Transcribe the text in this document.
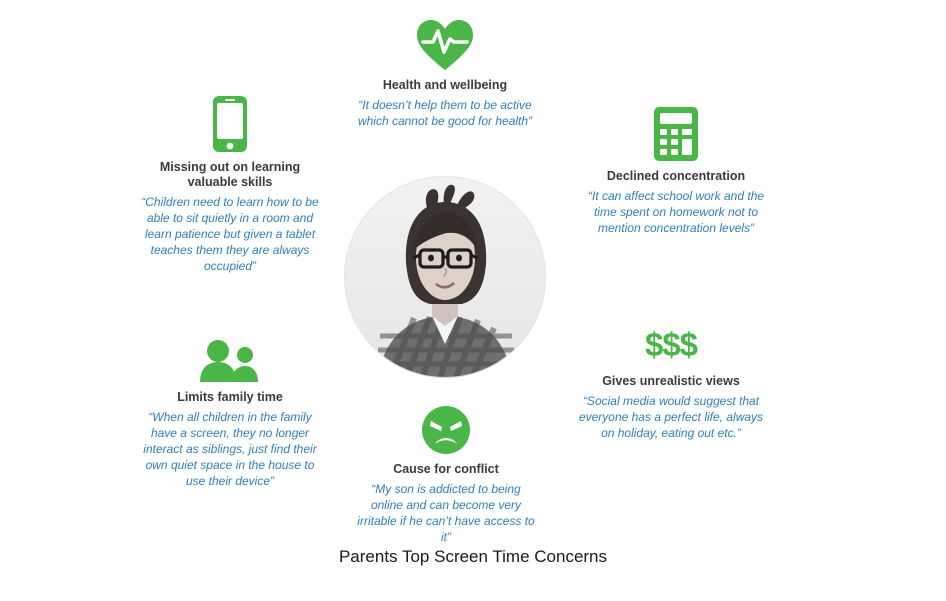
Health and wellbeing
“It doesn’t help them to be active which cannot be good for health”
Missing out on learning valuable skills
“Children need to learn how to be able to sit quietly in a room and learn patience but given a tablet teaches them they are always occupied”
Declined concentration
“It can affect school work and the time spent on homework not to mention concentration levels”
Limits family time
“When all children in the family have a screen, they no longer interact as siblings, just find their own quiet space in the house to use their device”
$$$
Gives unrealistic views
“Social media would suggest that everyone has a perfect life, always on holiday, eating out etc.”
Cause for conflict
“My son is addicted to being online and can become very irritable if he can’t have access to it”
Parents Top Screen Time Concerns
